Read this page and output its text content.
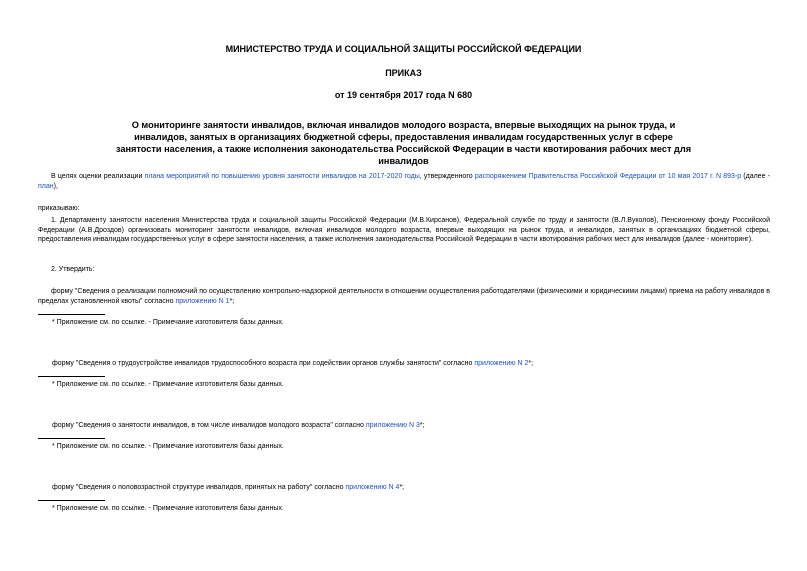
МИНИСТЕРСТВО ТРУДА И СОЦИАЛЬНОЙ ЗАЩИТЫ РОССИЙСКОЙ ФЕДЕРАЦИИ
ПРИКАЗ
от 19 сентября 2017 года N 680
О мониторинге занятости инвалидов, включая инвалидов молодого возраста, впервые выходящих на рынок труда, и инвалидов, занятых в организациях бюджетной сферы, предоставления инвалидам государственных услуг в сфере занятости населения, а также исполнения законодательства Российской Федерации в части квотирования рабочих мест для инвалидов
В целях оценки реализации плана мероприятий по повышению уровня занятости инвалидов на 2017-2020 годы, утвержденного распоряжением Правительства Российской Федерации от 10 мая 2017 г. N 893-р (далее - план),
приказываю:
1. Департаменту занятости населения Министерства труда и социальной защиты Российской Федерации (М.В.Кирсанов), Федеральной службе по труду и занятости (В.Л.Вуколов), Пенсионному фонду Российской Федерации (А.В.Дроздов) организовать мониторинг занятости инвалидов, включая инвалидов молодого возраста, впервые выходящих на рынок труда, и инвалидов, занятых в организациях бюджетной сферы, предоставления инвалидам государственных услуг в сфере занятости населения, а также исполнения законодательства Российской Федерации в части квотирования рабочих мест для инвалидов (далее - мониторинг).
2. Утвердить:
форму "Сведения о реализации полномочий по осуществлению контрольно-надзорной деятельности в отношении осуществления работодателями (физическими и юридическими лицами) приема на работу инвалидов в пределах установленной квоты" согласно приложению N 1*;
* Приложение см. по ссылке. - Примечание изготовителя базы данных.
форму "Сведения о трудоустройстве инвалидов трудоспособного возраста при содействии органов службы занятости" согласно приложению N 2*;
* Приложение см. по ссылке. - Примечание изготовителя базы данных.
форму "Сведения о занятости инвалидов, в том числе инвалидов молодого возраста" согласно приложению N 3*;
* Приложение см. по ссылке. - Примечание изготовителя базы данных.
форму "Сведения о половозрастной структуре инвалидов, принятых на работу" согласно приложению N 4*;
* Приложение см. по ссылке. - Примечание изготовителя базы данных.
